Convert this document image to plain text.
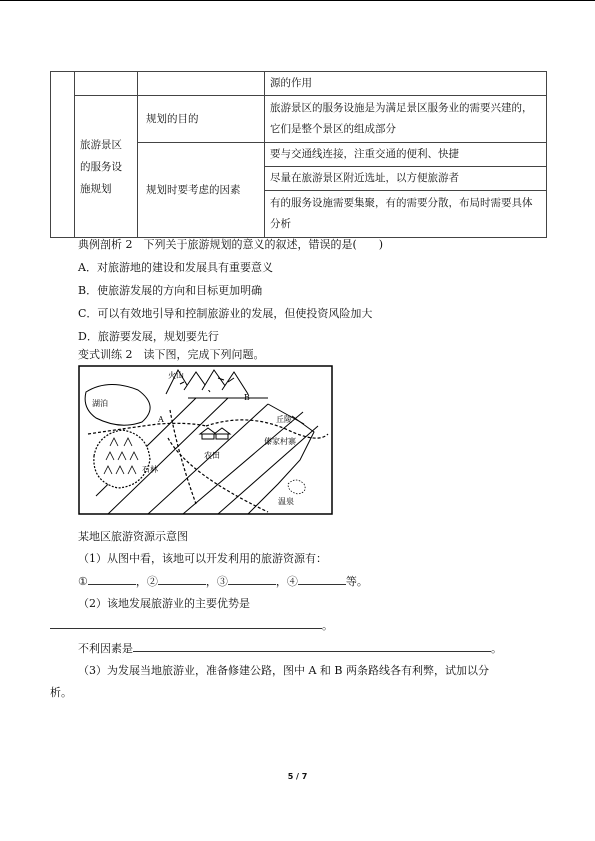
			源的作用
	旅游景区的服务设施规划	规划的目的	旅游景区的服务设施是为满足景区服务业的需要兴建的，它们是整个景区的组成部分

		规划时要考虑的因素	要与交通线连接，注重交通的便利、快捷
			尽量在旅游景区附近选址，以方便旅游者
			有的服务设施需要集聚，有的需要分散，布局时需要具体分析
典例剖析 2　下列关于旅游规划的意义的叙述，错误的是(　　)
A．对旅游地的建设和发展具有重要意义
B．使旅游发展的方向和目标更加明确
C．可以有效地引导和控制旅游业的发展，但使投资风险加大
D．旅游要发展，规划要先行
变式训练 2　读下图，完成下列问题。
火山
湖泊
A
B
丘陵
傣家村寨
农田
石林
温泉
某地区旅游资源示意图
（1）从图中看，该地可以开发利用的旅游资源有：
①	，②	，③	，④	等。
（2）该地发展旅游业的主要优势是
。
不利因素是	。
（3）为发展当地旅游业，准备修建公路，图中 A 和 B 两条路线各有利弊，试加以分
析。
5 / 7
